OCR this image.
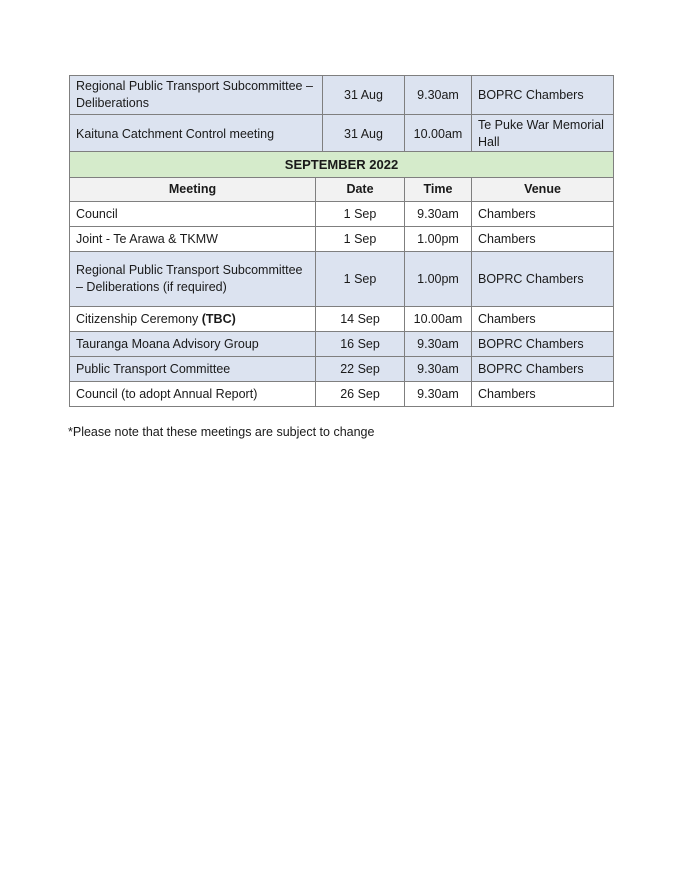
Regional Public Transport Subcommittee – Deliberations	31 Aug	9.30am	BOPRC Chambers
Kaituna Catchment Control meeting	31 Aug	10.00am	Te Puke War Memorial Hall
SEPTEMBER 2022			
Meeting	Date	Time	Venue
Council	1 Sep	9.30am	Chambers
Joint - Te Arawa & TKMW	1 Sep	1.00pm	Chambers
Regional Public Transport Subcommittee – Deliberations (if required)	1 Sep	1.00pm	BOPRC Chambers
Citizenship Ceremony (TBC)	14 Sep	10.00am	Chambers
Tauranga Moana Advisory Group	16 Sep	9.30am	BOPRC Chambers
Public Transport Committee	22 Sep	9.30am	BOPRC Chambers
Council (to adopt Annual Report)	26 Sep	9.30am	Chambers

*Please note that these meetings are subject to change
